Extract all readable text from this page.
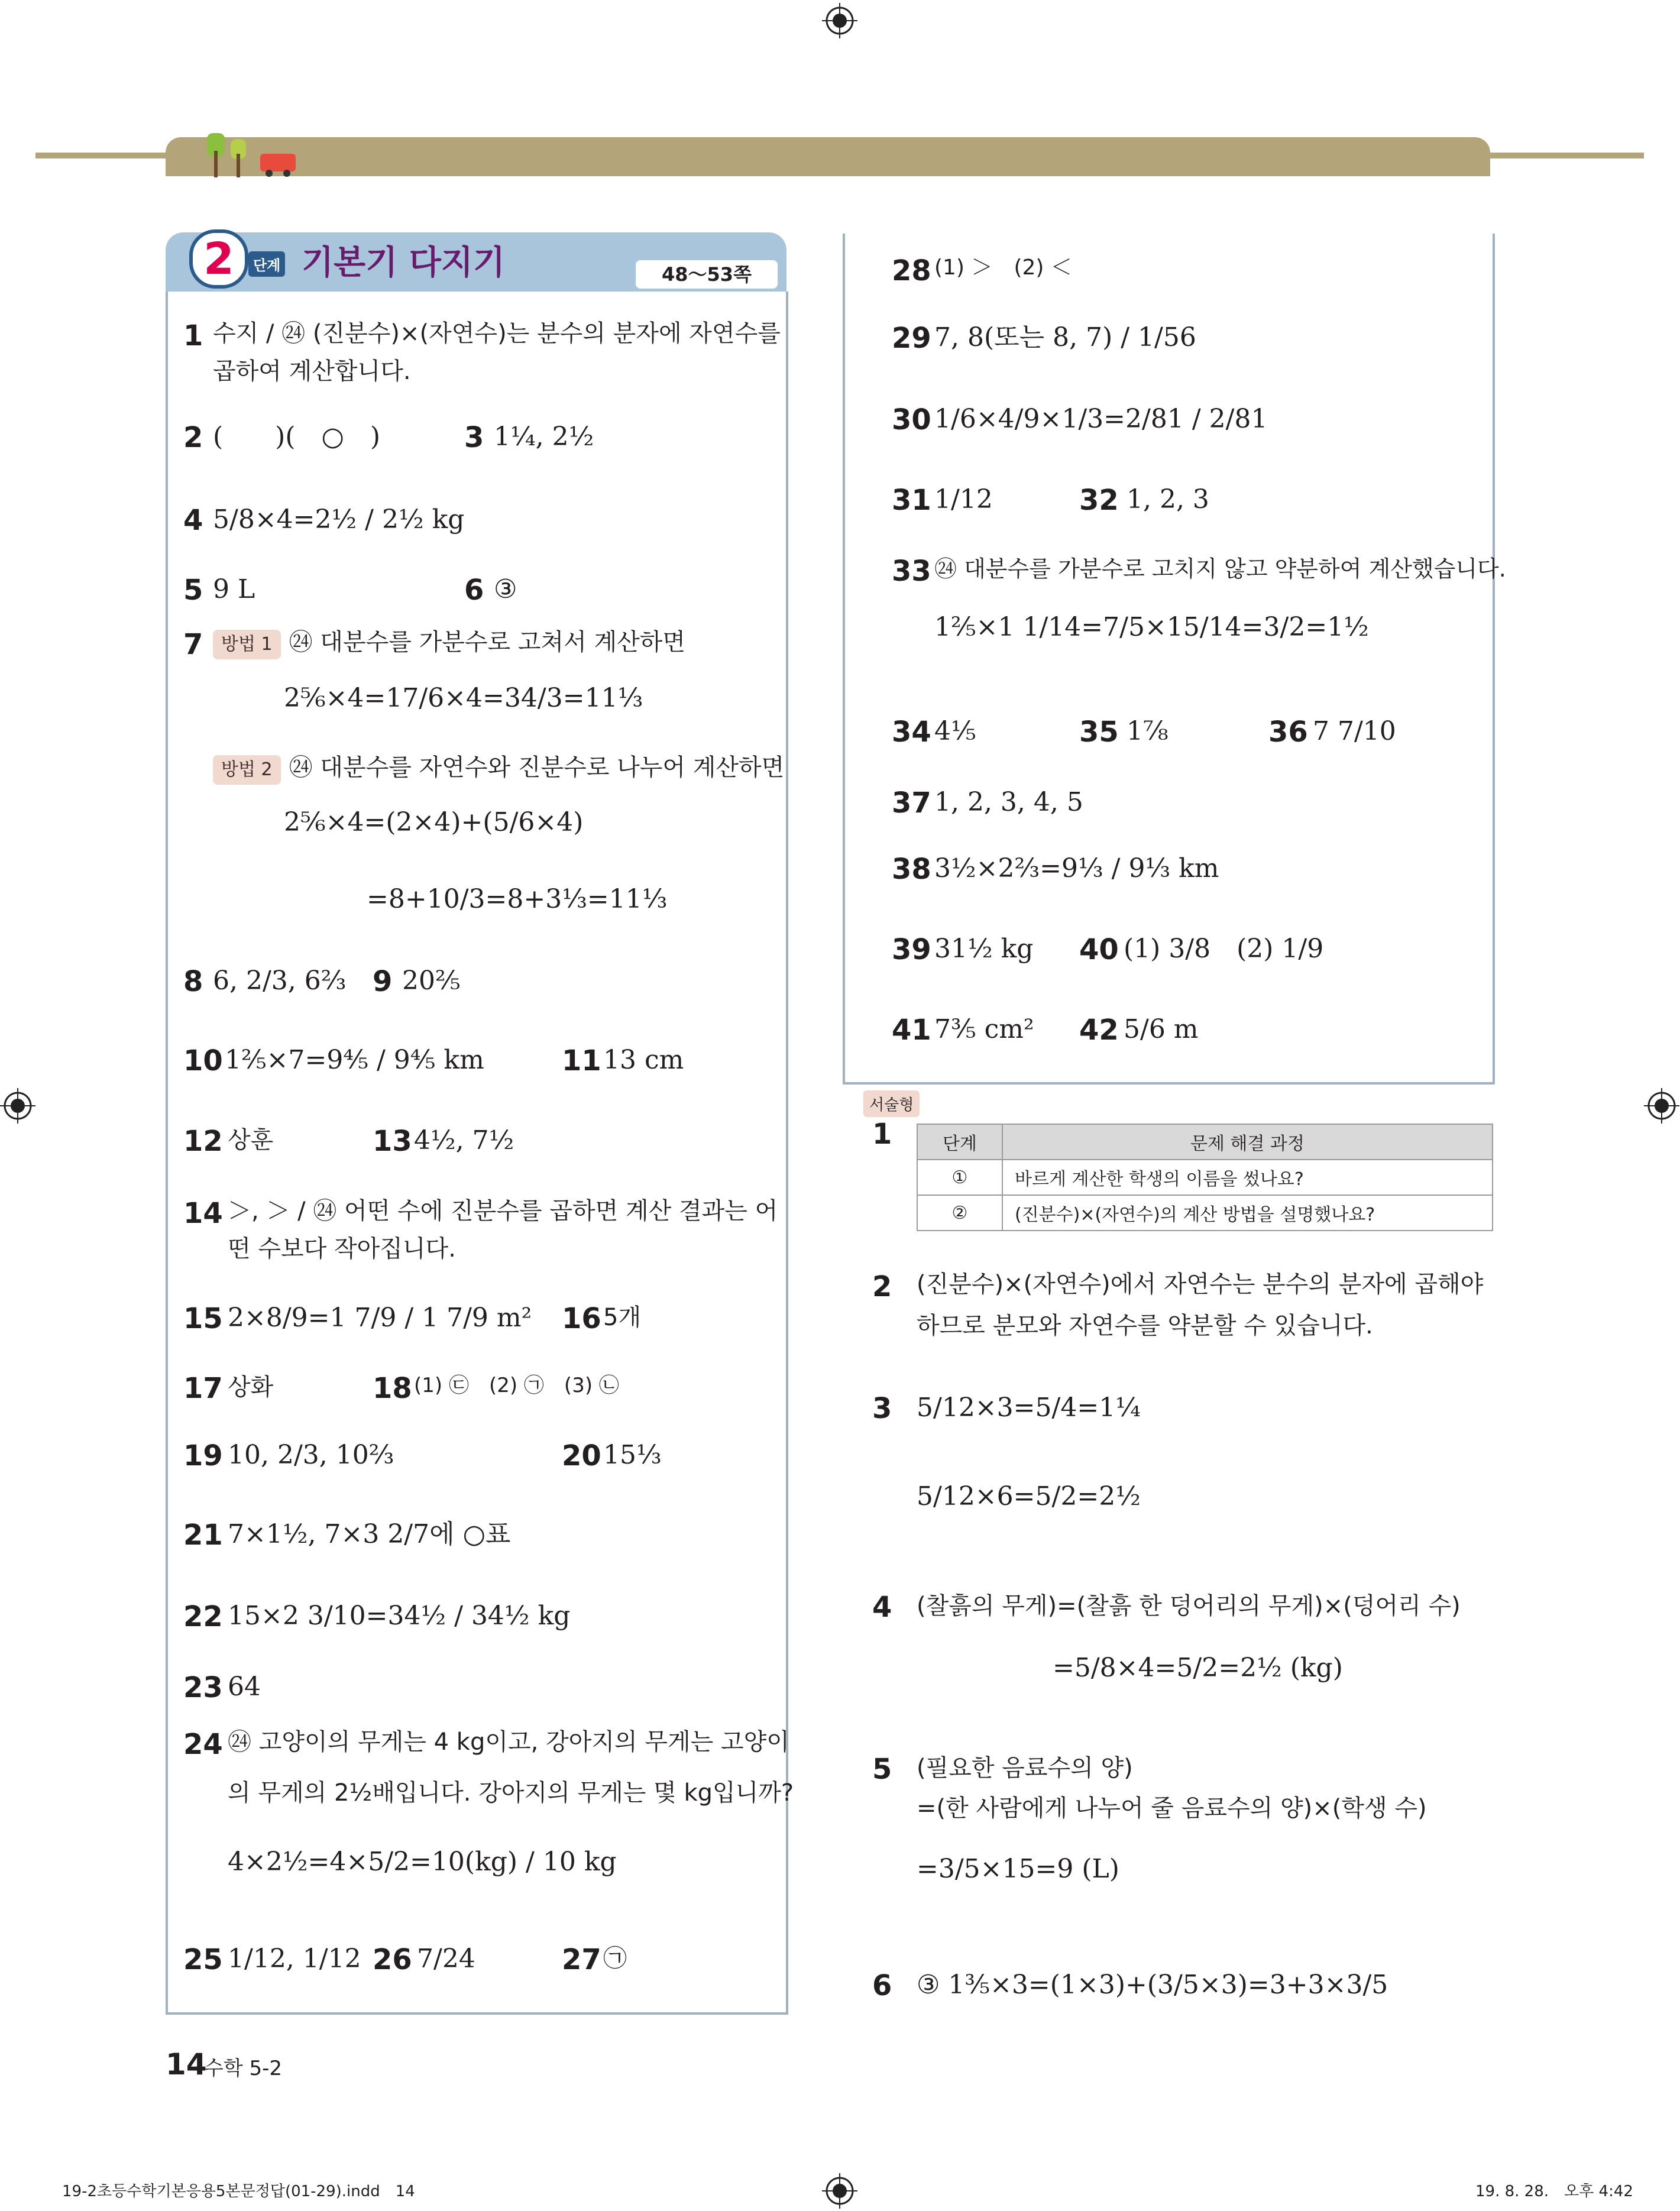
2	단계 기본기 다지기	48～53쪽
1 수지 / ㉔ (진분수)×(자연수)는 분수의 분자에 자연수를
곱하여 계산합니다.
2 (　　)(　○　)	3 1¼, 2½
4 5/8×4=2½ / 2½ kg
5 9 L	6 ③
7	방법 1 ㉔ 대분수를 가분수로 고쳐서 계산하면
2⅚×4=17/6×4=34/3=11⅓
방법 2 ㉔ 대분수를 자연수와 진분수로 나누어 계산하면
2⅚×4=(2×4)+(5/6×4)
=8+10/3=8+3⅓=11⅓
8 6, 2/3, 6⅔ 9 20⅖
10 1⅖×7=9⅘ / 9⅘ km	11 13 cm
12 상훈	13 4½, 7½
14 ＞, ＞ / ㉔ 어떤 수에 진분수를 곱하면 계산 결과는 어
떤 수보다 작아집니다.
15 2×8/9=1 7/9 / 1 7/9 m² 16 5개
17 상화	18 (1) ㉢　(2) ㉠　(3) ㉡
19 10, 2/3, 10⅔	20 15⅓
21 7×1½, 7×3 2/7에 ○표
22 15×2 3/10=34½ / 34½ kg
23 64
24 ㉔ 고양이의 무게는 4 kg이고, 강아지의 무게는 고양이
의 무게의 2½배입니다. 강아지의 무게는 몇 kg입니까?
4×2½=4×5/2=10(kg) / 10 kg
25 1/12, 1/12 26 7/24	27 ㉠
28 (1) ＞　(2) ＜
29 7, 8(또는 8, 7) / 1/56
30 1/6×4/9×1/3=2/81 / 2/81
31 1/12	32 1, 2, 3
33 ㉔ 대분수를 가분수로 고치지 않고 약분하여 계산했습니다.
1⅖×1 1/14=7/5×15/14=3/2=1½
34 4⅕	35 1⅞	36 7 7/10
37 1, 2, 3, 4, 5
38 3½×2⅔=9⅓ / 9⅓ km
39 31½ kg 40 (1) 3/8　(2) 1/9
41 7⅗ cm² 42 5/6 m
서술형
1	단계	문제 해결 과정
①	바르게 계산한 학생의 이름을 썼나요?
②	(진분수)×(자연수)의 계산 방법을 설명했나요?
2 (진분수)×(자연수)에서 자연수는 분수의 분자에 곱해야
하므로 분모와 자연수를 약분할 수 있습니다.
3 5/12×3=5/4=1¼
5/12×6=5/2=2½
4 (찰흙의 무게)=(찰흙 한 덩어리의 무게)×(덩어리 수)
=5/8×4=5/2=2½ (kg)
5 (필요한 음료수의 양)
=(한 사람에게 나누어 줄 음료수의 양)×(학생 수)
=3/5×15=9 (L)
6 ③ 1⅗×3=(1×3)+(3/5×3)=3+3×3/5
14
수학 5-2
19-2초등수학기본응용5본문정답(01-29).indd　14	19. 8. 28.　오후 4:42
